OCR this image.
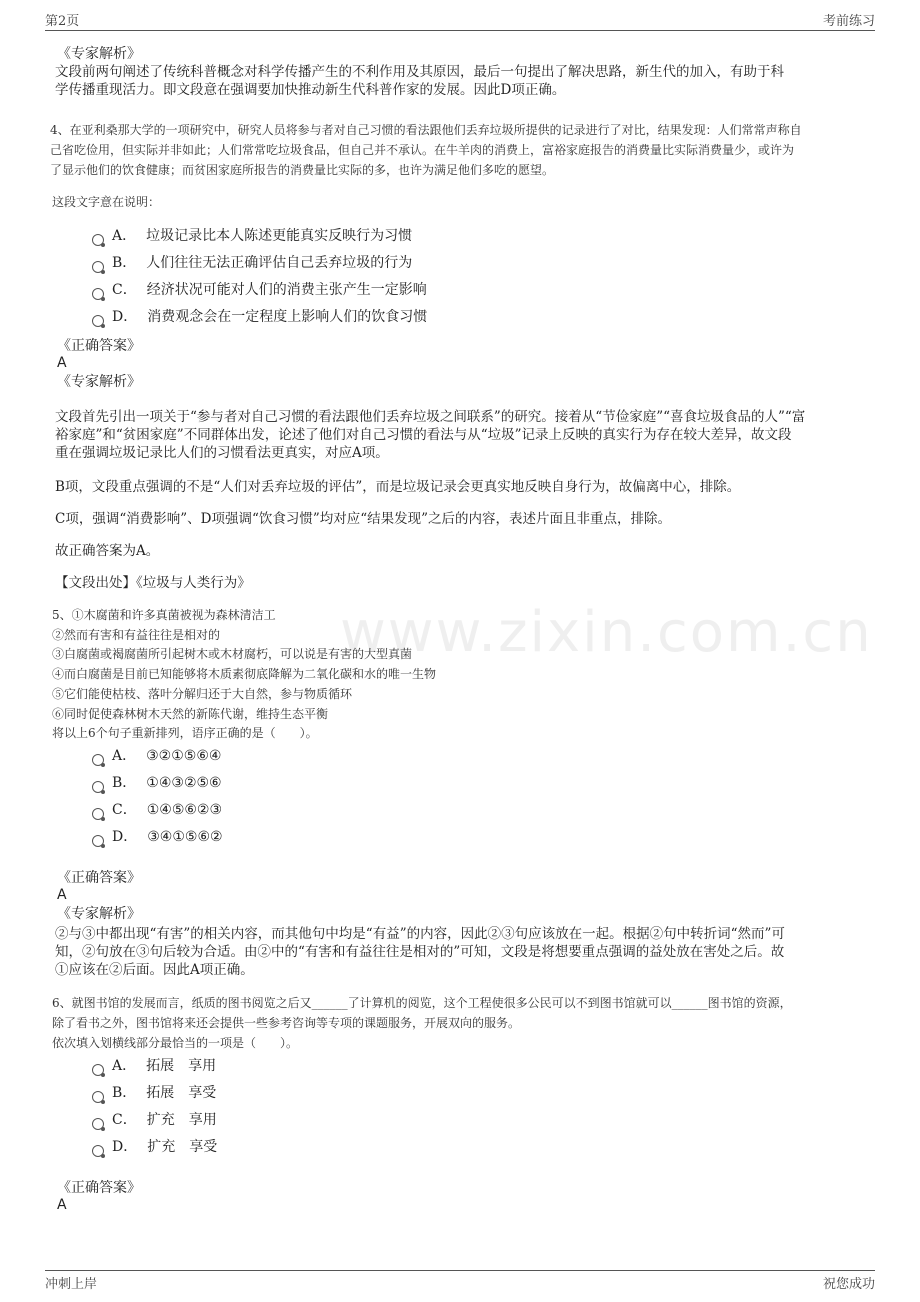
www.zixin.com.cn
第2页	考前练习
《专家解析》
文段前两句阐述了传统科普概念对科学传播产生的不利作用及其原因，最后一句提出了解决思路，新生代的加入，有助于科
学传播重现活力。即文段意在强调要加快推动新生代科普作家的发展。因此D项正确。
4、在亚利桑那大学的一项研究中，研究人员将参与者对自己习惯的看法跟他们丢弃垃圾所提供的记录进行了对比，结果发现：人们常常声称自
己省吃俭用，但实际并非如此；人们常常吃垃圾食品，但自己并不承认。在牛羊肉的消费上，富裕家庭报告的消费量比实际消费量少，或许为
了显示他们的饮食健康；而贫困家庭所报告的消费量比实际的多，也许为满足他们多吃的愿望。
这段文字意在说明：
A． 垃圾记录比本人陈述更能真实反映行为习惯
B． 人们往往无法正确评估自己丢弃垃圾的行为
C． 经济状况可能对人们的消费主张产生一定影响
D． 消费观念会在一定程度上影响人们的饮食习惯
《正确答案》
A
《专家解析》
文段首先引出一项关于“参与者对自己习惯的看法跟他们丢弃垃圾之间联系”的研究。接着从“节俭家庭”“喜食垃圾食品的人”“富
裕家庭”和“贫困家庭”不同群体出发，论述了他们对自己习惯的看法与从“垃圾”记录上反映的真实行为存在较大差异，故文段
重在强调垃圾记录比人们的习惯看法更真实，对应A项。
B项，文段重点强调的不是“人们对丢弃垃圾的评估”，而是垃圾记录会更真实地反映自身行为，故偏离中心，排除。
C项，强调“消费影响”、D项强调“饮食习惯”均对应“结果发现”之后的内容，表述片面且非重点，排除。
故正确答案为A。
【文段出处】《垃圾与人类行为》
5、①木腐菌和许多真菌被视为森林清洁工
②然而有害和有益往往是相对的
③白腐菌或褐腐菌所引起树木或木材腐朽，可以说是有害的大型真菌
④而白腐菌是目前已知能够将木质素彻底降解为二氧化碳和水的唯一生物
⑤它们能使枯枝、落叶分解归还于大自然，参与物质循环
⑥同时促使森林树木天然的新陈代谢，维持生态平衡
将以上6个句子重新排列，语序正确的是（　　）。
A． ③②①⑤⑥④
B． ①④③②⑤⑥
C． ①④⑤⑥②③
D． ③④①⑤⑥②
《正确答案》
A
《专家解析》
②与③中都出现“有害”的相关内容，而其他句中均是“有益”的内容，因此②③句应该放在一起。根据②句中转折词“然而”可
知，②句放在③句后较为合适。由②中的“有害和有益往往是相对的”可知，文段是将想要重点强调的益处放在害处之后。故
①应该在②后面。因此A项正确。
6、就图书馆的发展而言，纸质的图书阅览之后又______了计算机的阅览，这个工程使很多公民可以不到图书馆就可以______图书馆的资源，
除了看书之外，图书馆将来还会提供一些参考咨询等专项的课题服务，开展双向的服务。
依次填入划横线部分最恰当的一项是（　　）。
A． 拓展　享用
B． 拓展　享受
C． 扩充　享用
D． 扩充　享受
《正确答案》
A
冲刺上岸	祝您成功
